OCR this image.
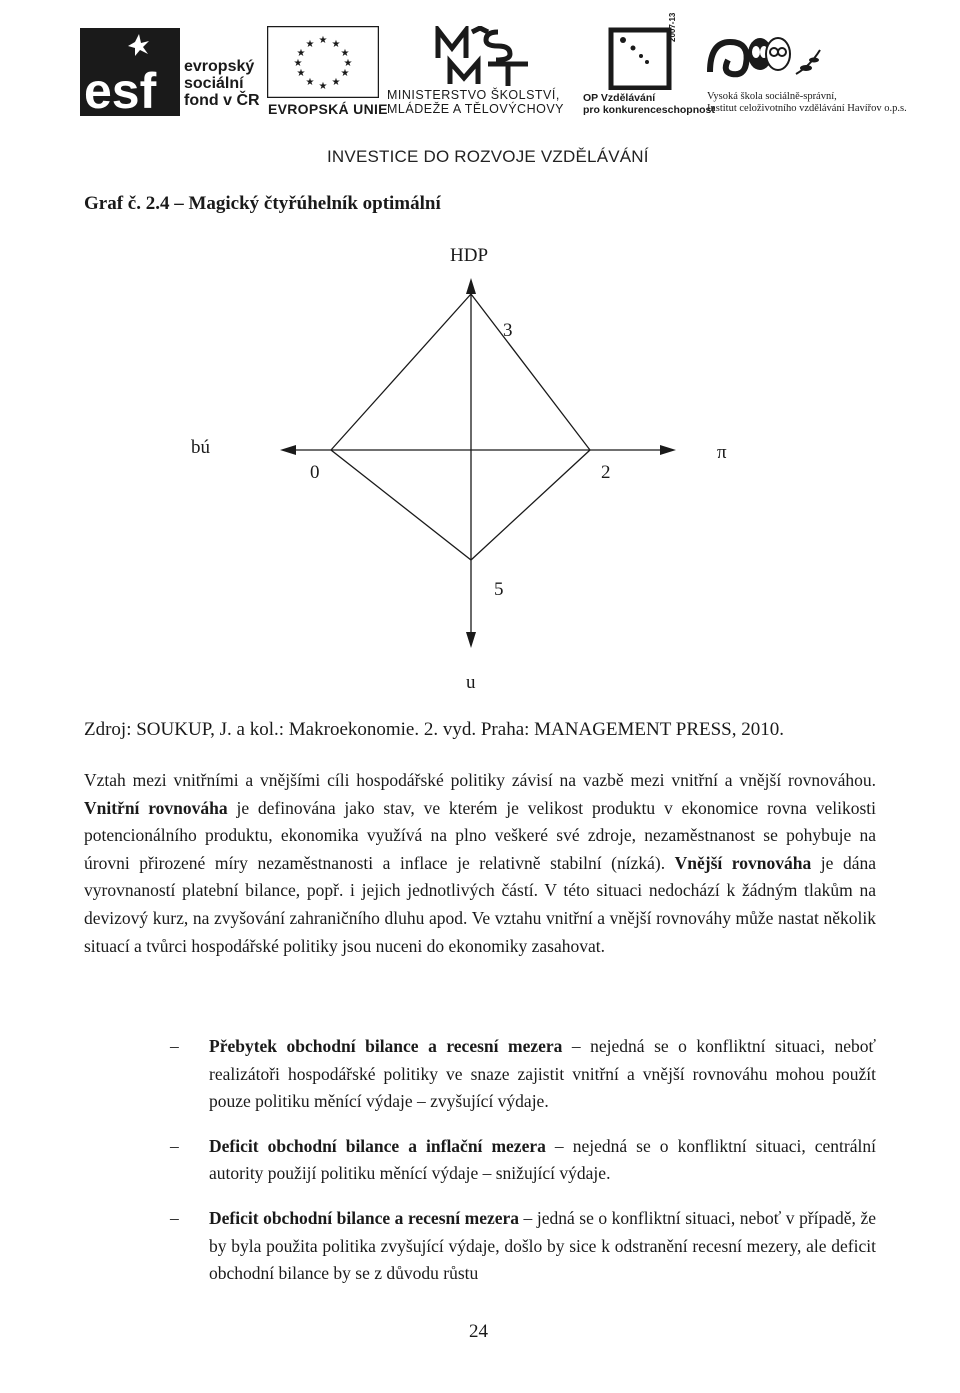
esf evropský
sociální
fond v ČR
★ ★
★
★
★
★
★
★
★
★
★
★
EVROPSKÁ UNIE
MINISTERSTVO ŠKOLSTVÍ,
MLÁDEŽE A TĚLOVÝCHOVY
2007-13
OP Vzdělávání
pro konkurenceschopnost
Vysoká škola sociálně-správní,
Institut celoživotního vzdělávání Havířov o.p.s.
INVESTICE DO ROZVOJE VZDĚLÁVÁNÍ
Graf č. 2.4 – Magický čtyřúhelník optimální
HDP
3
bú
0	2
π
5
u
Zdroj: SOUKUP, J. a kol.: Makroekonomie. 2. vyd. Praha: MANAGEMENT PRESS, 2010.
Vztah mezi vnitřními a vnějšími cíli hospodářské politiky závisí na vazbě mezi vnitřní a vnější rovnováhou. Vnitřní rovnováha je definována jako stav, ve kterém je velikost produktu v ekonomice rovna velikosti potencionálního produktu, ekonomika využívá na plno veškeré své zdroje, nezaměstnanost se pohybuje na úrovni přirozené míry nezaměstnanosti a inflace je relativně stabilní (nízká). Vnější rovnováha je dána vyrovnaností platební bilance, popř. i jejich jednotlivých částí. V této situaci nedochází k žádným tlakům na devizový kurz, na zvyšování zahraničního dluhu apod. Ve vztahu vnitřní a vnější rovnováhy může nastat několik situací a tvůrci hospodářské politiky jsou nuceni do ekonomiky zasahovat.
– Přebytek obchodní bilance a recesní mezera – nejedná se o konfliktní situaci, neboť realizátoři hospodářské politiky ve snaze zajistit vnitřní a vnější rovnováhu mohou použít pouze politiku měnící výdaje – zvyšující výdaje.
– Deficit obchodní bilance a inflační mezera – nejedná se o konfliktní situaci, centrální autority použijí politiku měnící výdaje – snižující výdaje.
– Deficit obchodní bilance a recesní mezera – jedná se o konfliktní situaci, neboť v případě, že by byla použita politika zvyšující výdaje, došlo by sice k odstranění recesní mezery, ale deficit obchodní bilance by se z důvodu růstu
24
